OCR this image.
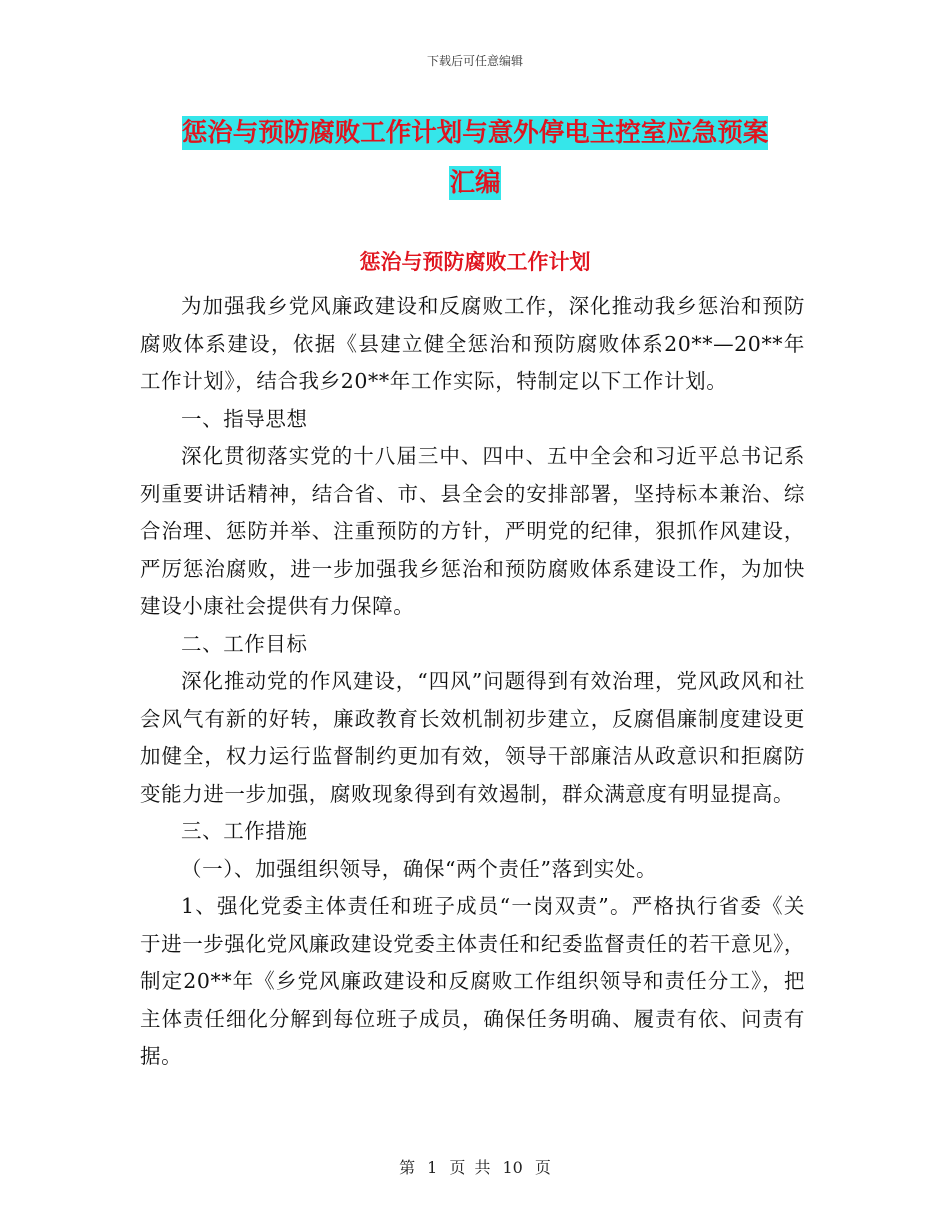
下载后可任意编辑
惩治与预防腐败工作计划与意外停电主控室应急预案
汇编
惩治与预防腐败工作计划

为加强我乡党风廉政建设和反腐败工作，深化推动我乡惩治和预防腐败体系建设，依据《县建立健全惩治和预防腐败体系20**—20**年工作计划》，结合我乡20**年工作实际，特制定以下工作计划。

一、指导思想

深化贯彻落实党的十八届三中、四中、五中全会和习近平总书记系列重要讲话精神，结合省、市、县全会的安排部署，坚持标本兼治、综合治理、惩防并举、注重预防的方针，严明党的纪律，狠抓作风建设，严厉惩治腐败，进一步加强我乡惩治和预防腐败体系建设工作，为加快建设小康社会提供有力保障。

二、工作目标

深化推动党的作风建设，“四风”问题得到有效治理，党风政风和社会风气有新的好转，廉政教育长效机制初步建立，反腐倡廉制度建设更加健全，权力运行监督制约更加有效，领导干部廉洁从政意识和拒腐防变能力进一步加强，腐败现象得到有效遏制，群众满意度有明显提高。

三、工作措施

（一）、加强组织领导，确保“两个责任”落到实处。

1、强化党委主体责任和班子成员“一岗双责”。严格执行省委《关于进一步强化党风廉政建设党委主体责任和纪委监督责任的若干意见》，制定20**年《乡党风廉政建设和反腐败工作组织领导和责任分工》，把主体责任细化分解到每位班子成员，确保任务明确、履责有依、问责有据。

第 1 页 共 10 页
